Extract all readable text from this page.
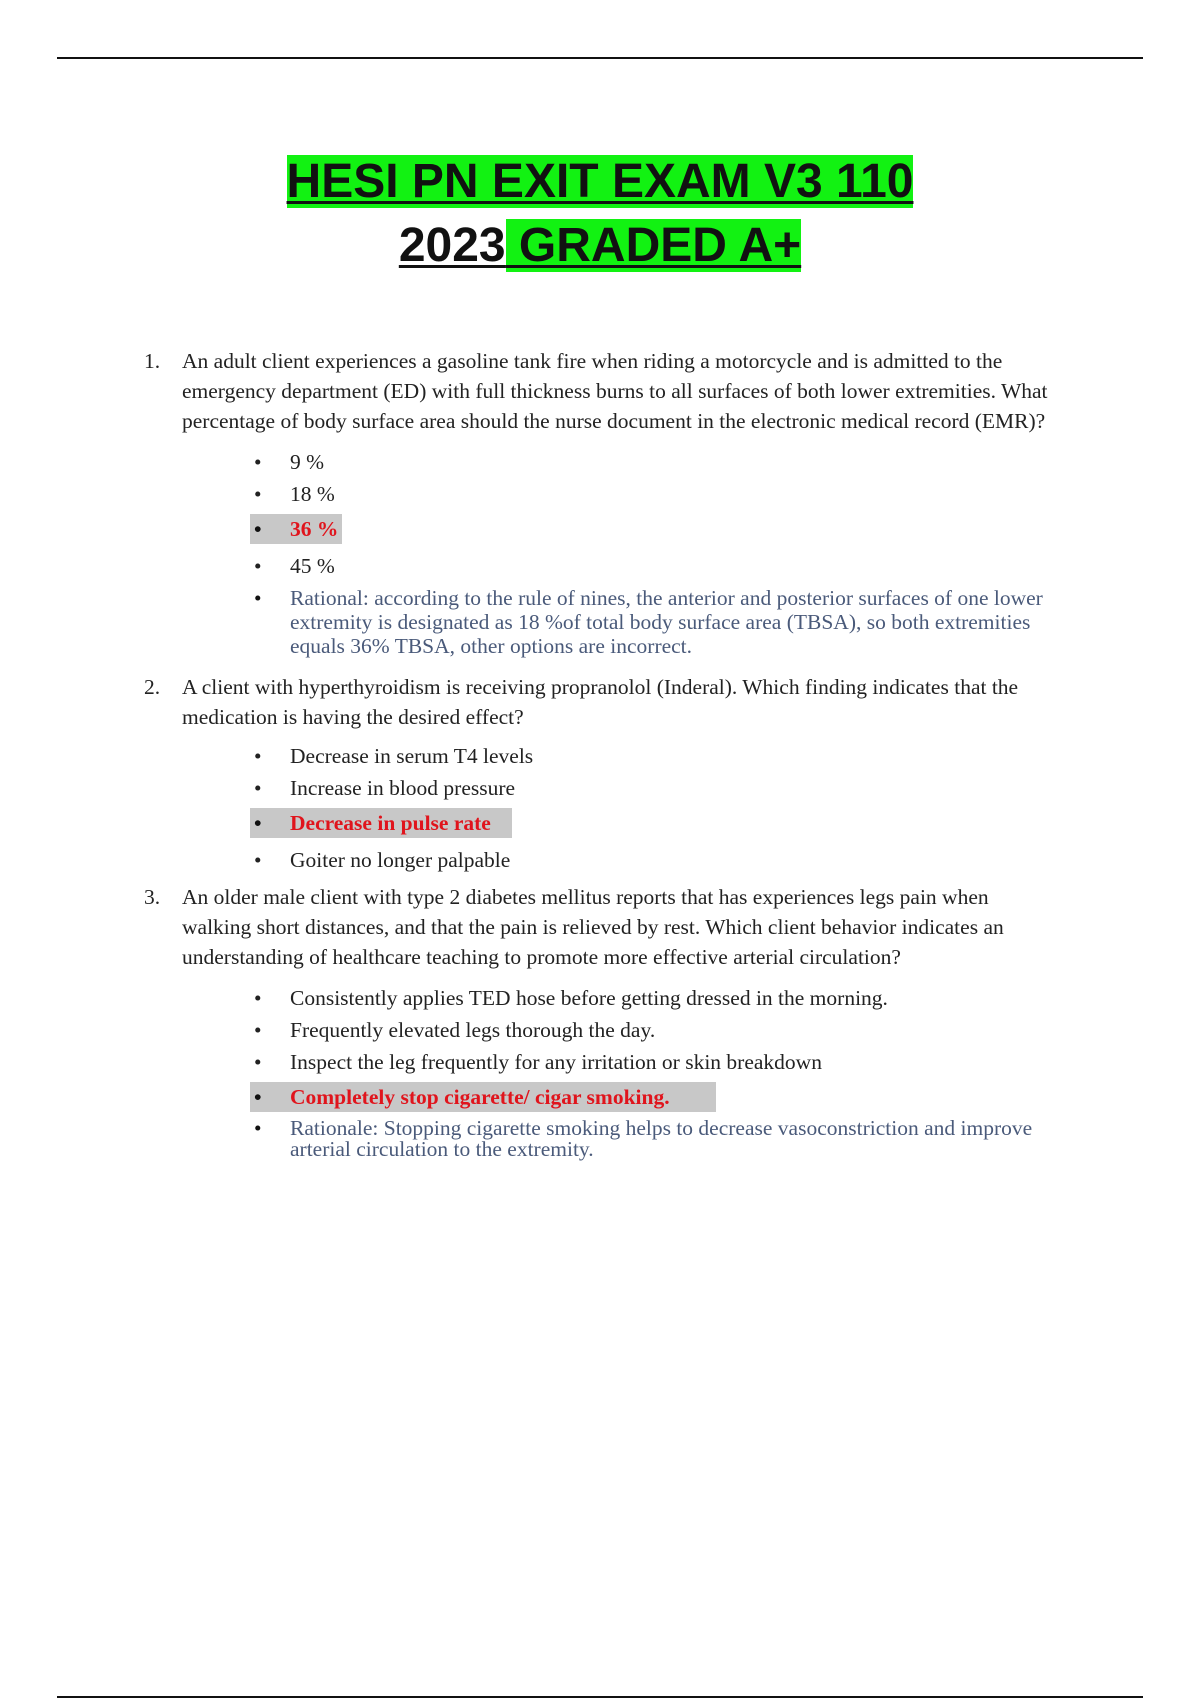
HESI PN EXIT EXAM V3 110
2023 GRADED A+
1.	An adult client experiences a gasoline tank fire when riding a motorcycle and is admitted to the emergency department (ED) with full thickness burns to all surfaces of both lower extremities. What percentage of body surface area should the nurse document in the electronic medical record (EMR)?
•	9 %
•	18 %
•	36 %
•	45 %
•	Rational: according to the rule of nines, the anterior and posterior surfaces of one lower extremity is designated as 18 %of total body surface area (TBSA), so both extremities equals 36% TBSA, other options are incorrect.
2.	A client with hyperthyroidism is receiving propranolol (Inderal). Which finding indicates that the medication is having the desired effect?
•	Decrease in serum T4 levels
•	Increase in blood pressure
•	Decrease in pulse rate
•	Goiter no longer palpable
3.	An older male client with type 2 diabetes mellitus reports that has experiences legs pain when walking short distances, and that the pain is relieved by rest. Which client behavior indicates an understanding of healthcare teaching to promote more effective arterial circulation?
•	Consistently applies TED hose before getting dressed in the morning.
•	Frequently elevated legs thorough the day.
•	Inspect the leg frequently for any irritation or skin breakdown
•	Completely stop cigarette/ cigar smoking.
•	Rationale: Stopping cigarette smoking helps to decrease vasoconstriction and improve arterial circulation to the extremity.
